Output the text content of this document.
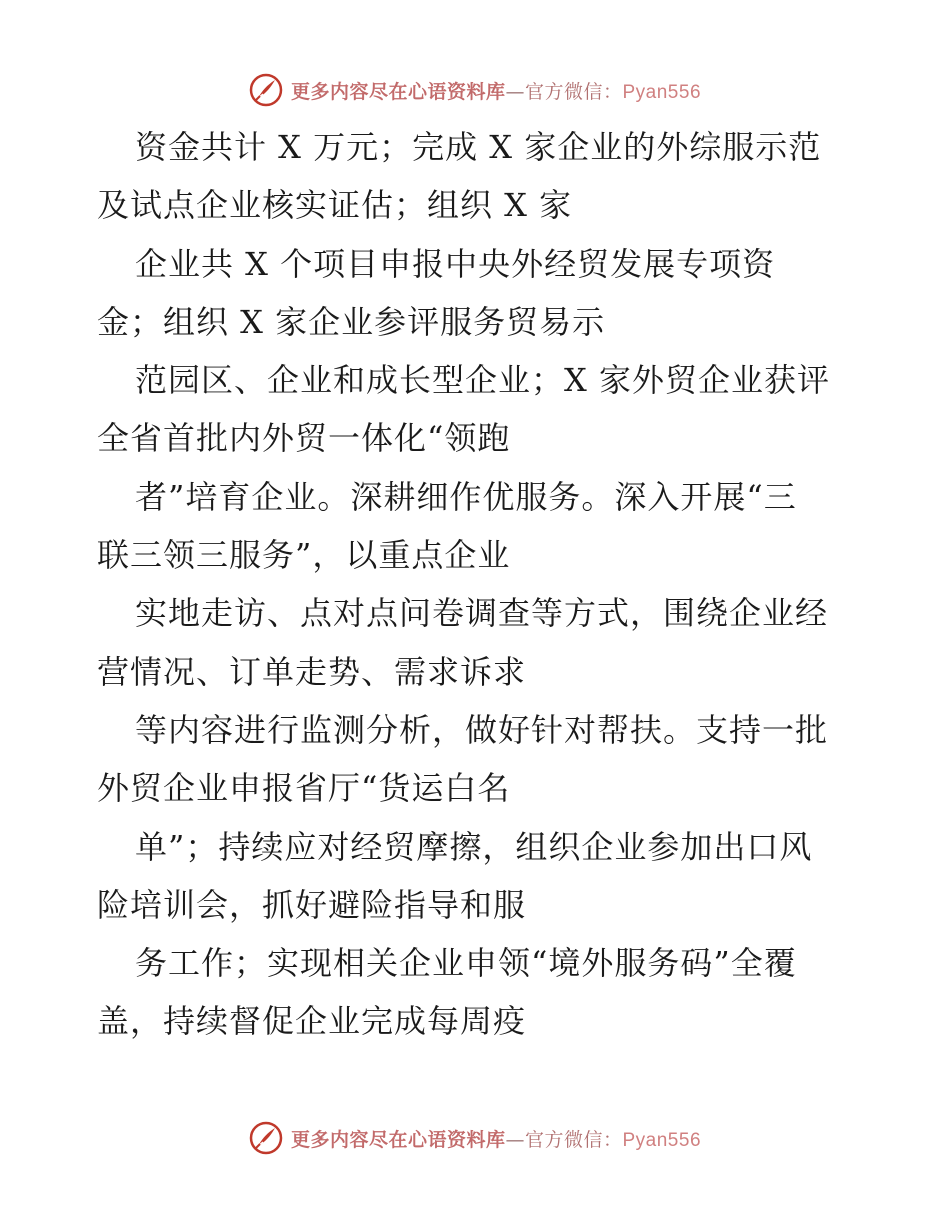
更多内容尽在心语资料库—官方微信：Pyan556
资金共计 X 万元；完成 X 家企业的外综服示范
及试点企业核实证估；组织 X 家
企业共 X 个项目申报中央外经贸发展专项资
金；组织 X 家企业参评服务贸易示
范园区、企业和成长型企业；X 家外贸企业获评
全省首批内外贸一体化“领跑
者”培育企业。深耕细作优服务。深入开展“三
联三领三服务”，以重点企业
实地走访、点对点问卷调查等方式，围绕企业经
营情况、订单走势、需求诉求
等内容进行监测分析，做好针对帮扶。支持一批
外贸企业申报省厅“货运白名
单”；持续应对经贸摩擦，组织企业参加出口风
险培训会，抓好避险指导和服
务工作；实现相关企业申领“境外服务码”全覆
盖，持续督促企业完成每周疫
更多内容尽在心语资料库—官方微信：Pyan556
